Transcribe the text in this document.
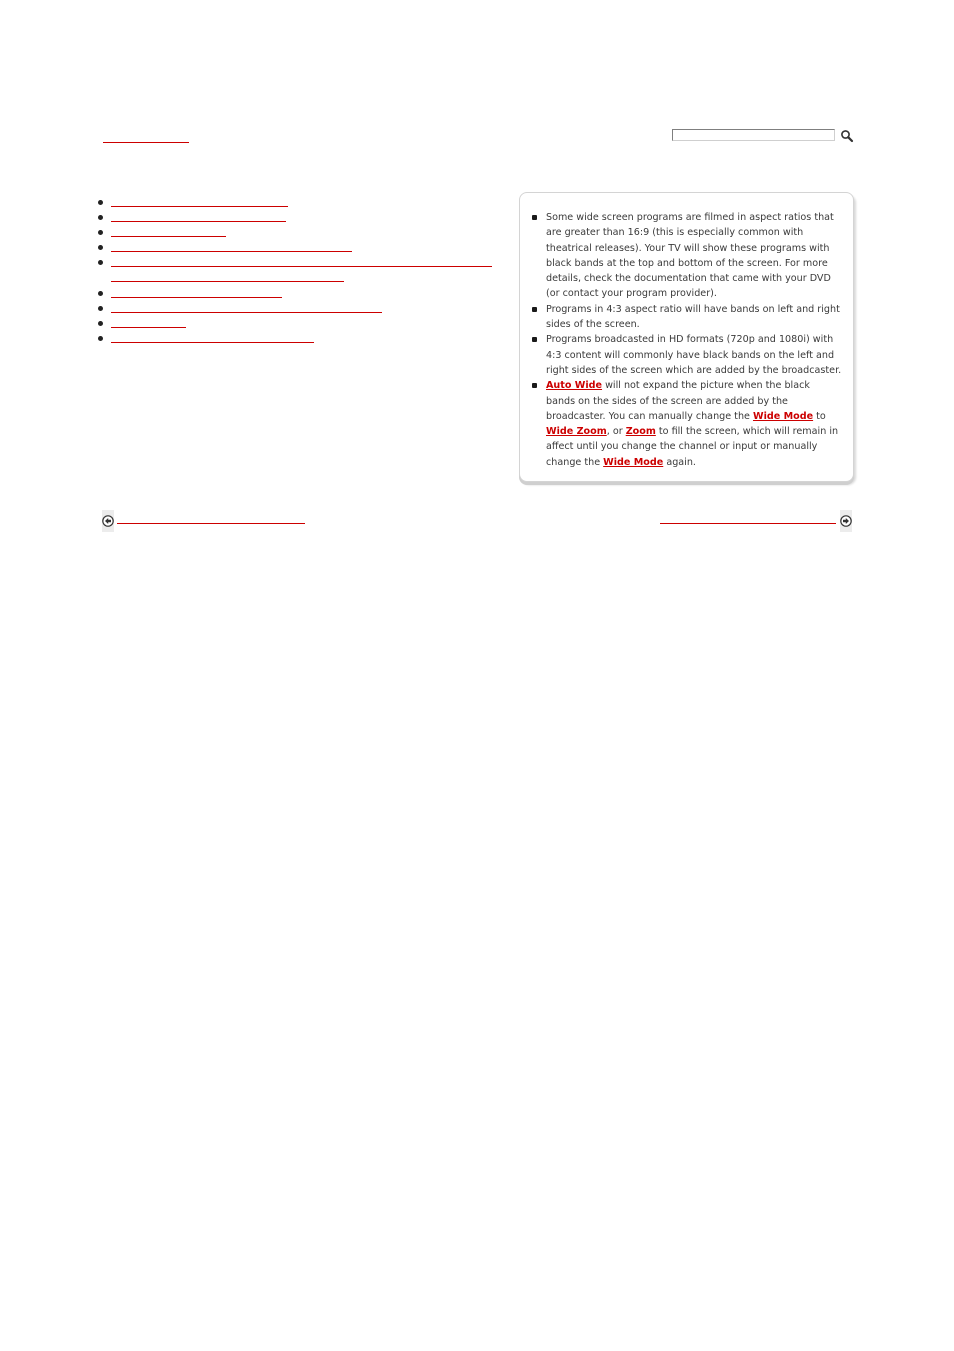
Some wide screen programs are filmed in aspect ratios that are greater than 16:9 (this is especially common with theatrical releases). Your TV will show these programs with black bands at the top and bottom of the screen. For more details, check the documentation that came with your DVD (or contact your program provider).
Programs in 4:3 aspect ratio will have bands on left and right sides of the screen.
Programs broadcasted in HD formats (720p and 1080i) with 4:3 content will commonly have black bands on the left and right sides of the screen which are added by the broadcaster.
Auto Wide will not expand the picture when the black bands on the sides of the screen are added by the broadcaster. You can manually change the Wide Mode to Wide Zoom, or Zoom to fill the screen, which will remain in affect until you change the channel or input or manually change the Wide Mode again.
